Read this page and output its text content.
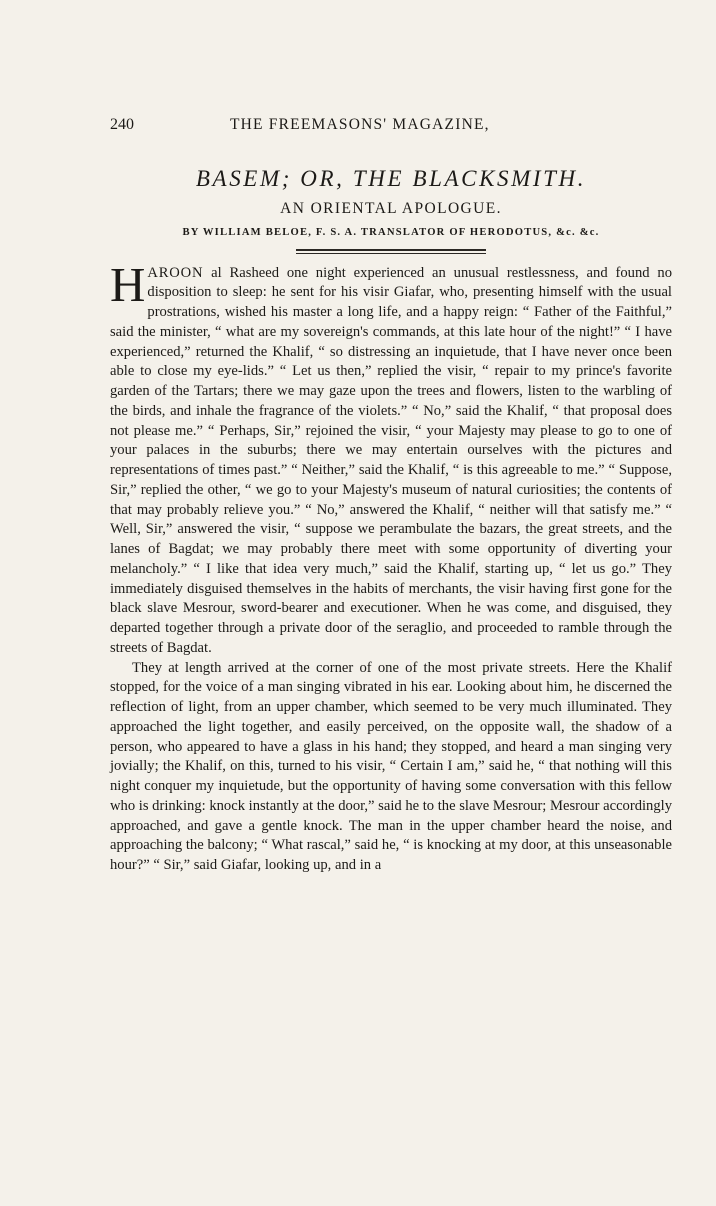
240	THE FREEMASONS' MAGAZINE,
BASEM; OR, THE BLACKSMITH.
AN ORIENTAL APOLOGUE.
BY WILLIAM BELOE, F. S. A. TRANSLATOR OF HERODOTUS, &c. &c.

HAROON al Rasheed one night experienced an unusual restlessness, and found no disposition to sleep: he sent for his visir Giafar, who, presenting himself with the usual prostrations, wished his master a long life, and a happy reign: “ Father of the Faithful,” said the minister, “ what are my sovereign's commands, at this late hour of the night!” “ I have experienced,” returned the Khalif, “ so distressing an inquietude, that I have never once been able to close my eye-lids.” “ Let us then,” replied the visir, “ repair to my prince's favorite garden of the Tartars; there we may gaze upon the trees and flowers, listen to the warbling of the birds, and inhale the fragrance of the violets.” “ No,” said the Khalif, “ that proposal does not please me.” “ Perhaps, Sir,” rejoined the visir, “ your Majesty may please to go to one of your palaces in the suburbs; there we may entertain ourselves with the pictures and representations of times past.” “ Neither,” said the Khalif, “ is this agreeable to me.” “ Suppose, Sir,” replied the other, “ we go to your Majesty's museum of natural curiosities; the contents of that may probably relieve you.” “ No,” answered the Khalif, “ neither will that satisfy me.” “ Well, Sir,” answered the visir, “ suppose we perambulate the bazars, the great streets, and the lanes of Bagdat; we may probably there meet with some opportunity of diverting your melancholy.” “ I like that idea very much,” said the Khalif, starting up, “ let us go.” They immediately disguised themselves in the habits of merchants, the visir having first gone for the black slave Mesrour, sword-bearer and executioner. When he was come, and disguised, they departed together through a private door of the seraglio, and proceeded to ramble through the streets of Bagdat.

They at length arrived at the corner of one of the most private streets. Here the Khalif stopped, for the voice of a man singing vibrated in his ear. Looking about him, he discerned the reflection of light, from an upper chamber, which seemed to be very much illuminated. They approached the light together, and easily perceived, on the opposite wall, the shadow of a person, who appeared to have a glass in his hand; they stopped, and heard a man singing very jovially; the Khalif, on this, turned to his visir, “ Certain I am,” said he, “ that nothing will this night conquer my inquietude, but the opportunity of having some conversation with this fellow who is drinking: knock instantly at the door,” said he to the slave Mesrour; Mesrour accordingly approached, and gave a gentle knock. The man in the upper chamber heard the noise, and approaching the balcony; “ What rascal,” said he, “ is knocking at my door, at this unseasonable hour?” “ Sir,” said Giafar, looking up, and in a
